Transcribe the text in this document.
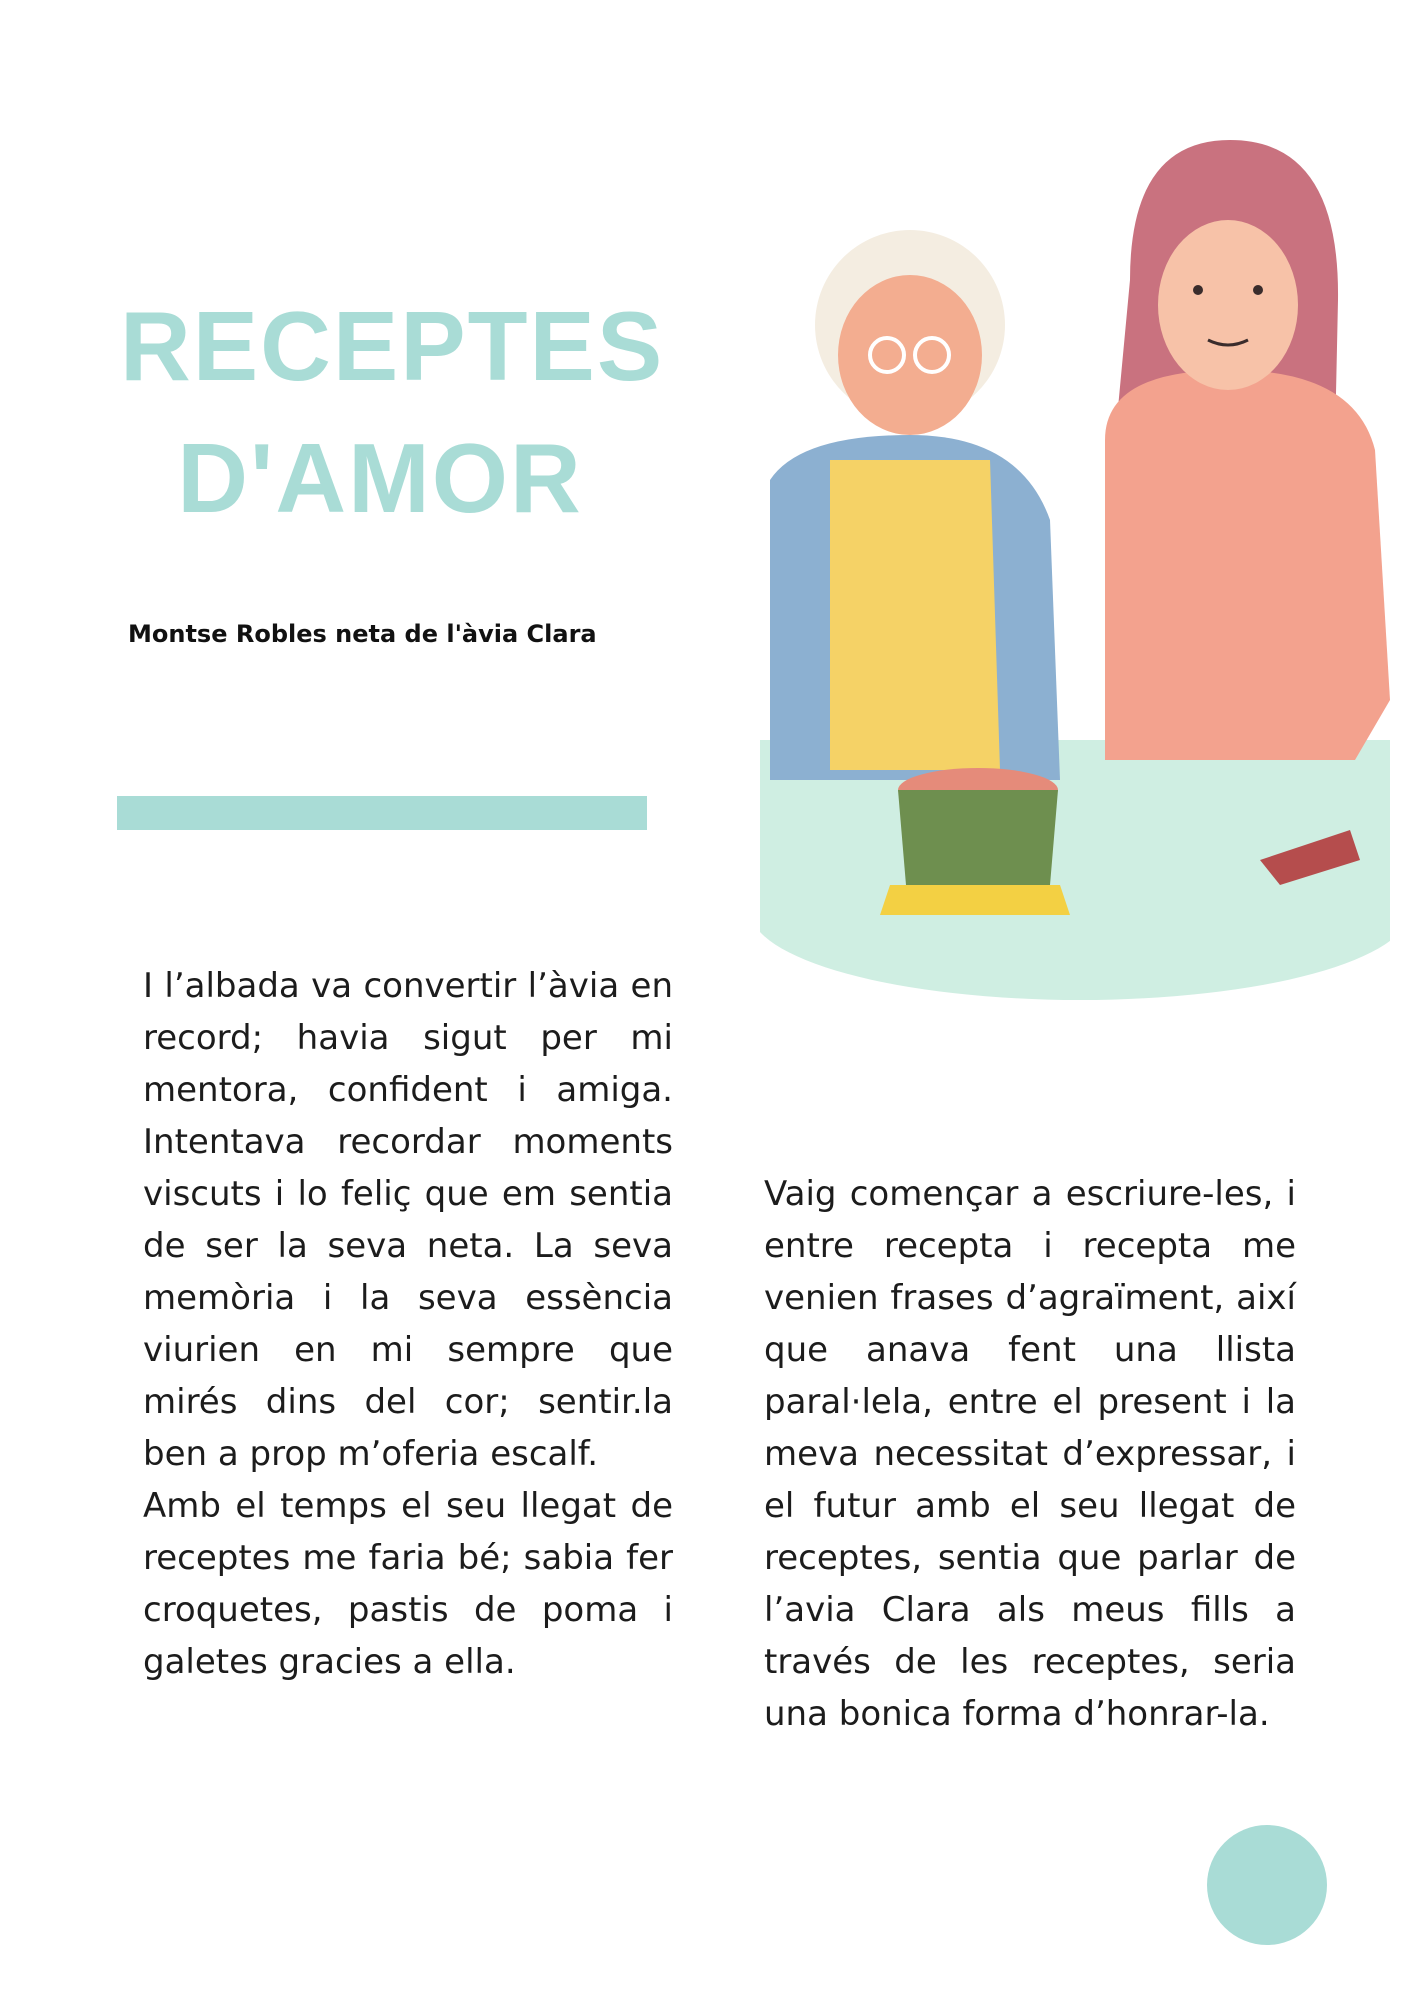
RECEPTES
D'AMOR
Montse Robles neta de l'àvia Clara

I l’albada va convertir l’àvia en record; havia sigut per mi mentora, confident i amiga. Intentava recordar moments viscuts i lo feliç que em sentia de ser la seva neta. La seva memòria i la seva essència viurien en mi sempre que mirés dins del cor; sentir.la ben a prop m’oferia escalf.

Amb el temps el seu llegat de receptes me faria bé; sabia fer croquetes, pastis de poma i galetes gracies a ella.

Vaig començar a escriure-les, i entre recepta i recepta me venien frases d’agraïment, així que anava fent una llista paral·lela, entre el present i la meva necessitat d’expressar, i el futur amb el seu llegat de receptes, sentia que parlar de l’avia Clara als meus fills a través de les receptes, seria una bonica forma d’honrar-la.
